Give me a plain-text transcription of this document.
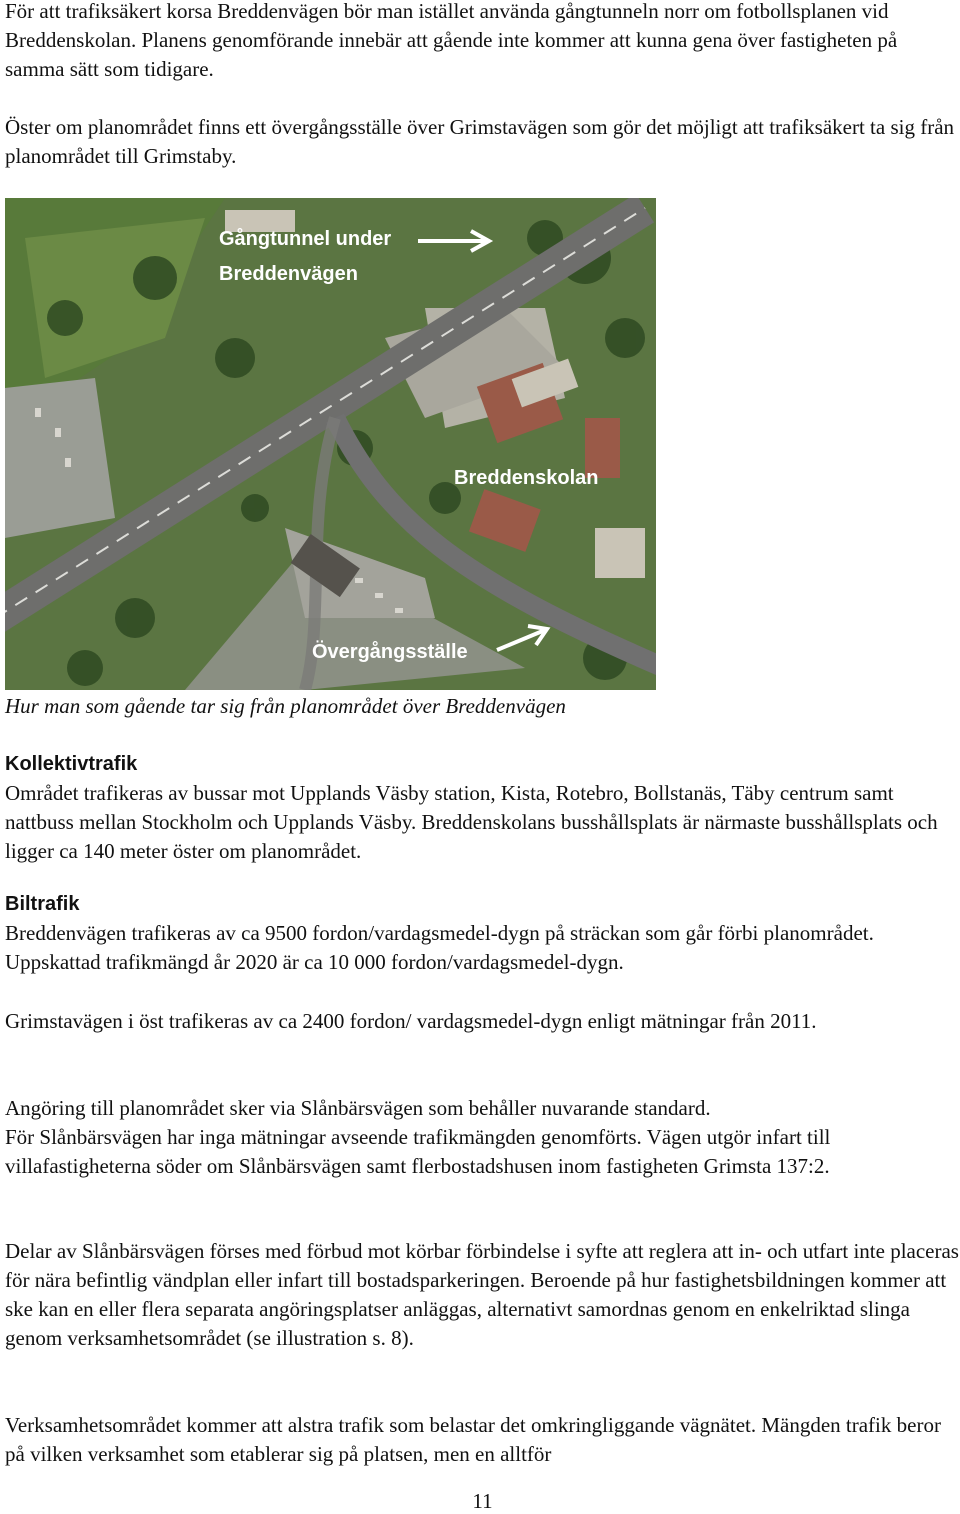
För att trafiksäkert korsa Breddenvägen bör man istället använda gångtunneln norr om fotbollsplanen vid Breddenskolan. Planens genomförande innebär att gående inte kommer att kunna gena över fastigheten på samma sätt som tidigare.

Öster om planområdet finns ett övergångsställe över Grimstavägen som gör det möjligt att trafiksäkert ta sig från planområdet till Grimstaby.

Gångtunnel under
Breddenvägen
Breddenskolan
Övergångsställe

Hur man som gående tar sig från planområdet över Breddenvägen

Kollektivtrafik

Området trafikeras av bussar mot Upplands Väsby station, Kista, Rotebro, Bollstanäs, Täby centrum samt nattbuss mellan Stockholm och Upplands Väsby. Breddenskolans busshållsplats är närmaste busshållsplats och ligger ca 140 meter öster om planområdet.

Biltrafik

Breddenvägen trafikeras av ca 9500 fordon/vardagsmedel-dygn på sträckan som går förbi planområdet. Uppskattad trafikmängd år 2020 är ca 10 000 fordon/vardagsmedel-dygn.

Grimstavägen i öst trafikeras av ca 2400 fordon/ vardagsmedel-dygn enligt mätningar från 2011.

Angöring till planområdet sker via Slånbärsvägen som behåller nuvarande standard.

För Slånbärsvägen har inga mätningar avseende trafikmängden genomförts. Vägen utgör infart till villafastigheterna söder om Slånbärsvägen samt flerbostadshusen inom fastigheten Grimsta 137:2.

Delar av Slånbärsvägen förses med förbud mot körbar förbindelse i syfte att reglera att in- och utfart inte placeras för nära befintlig vändplan eller infart till bostadsparkeringen. Beroende på hur fastighetsbildningen kommer att ske kan en eller flera separata angöringsplatser anläggas, alternativt samordnas genom en enkelriktad slinga genom verksamhetsområdet (se illustration s. 8).

Verksamhetsområdet kommer att alstra trafik som belastar det omkringliggande vägnätet. Mängden trafik beror på vilken verksamhet som etablerar sig på platsen, men en alltför

11
